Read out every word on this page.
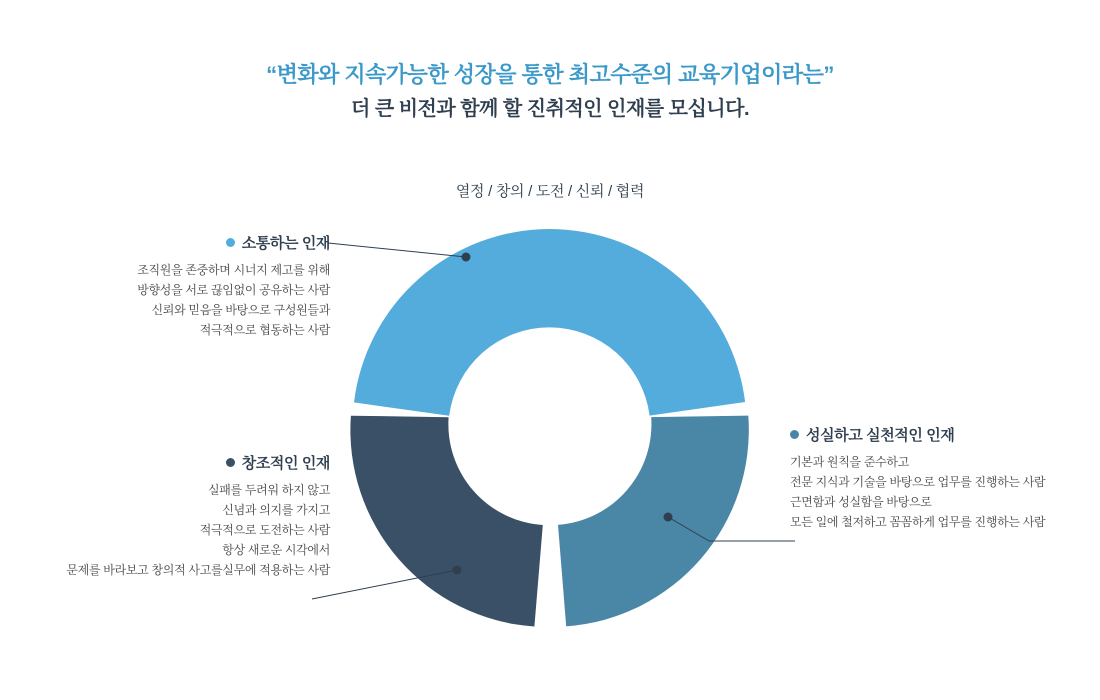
“변화와 지속가능한 성장을 통한 최고수준의 교육기업이라는”
더 큰 비전과 함께 할 진취적인 인재를 모십니다.
열정 / 창의 / 도전 / 신뢰 / 협력
소통하는 인재
조직원을 존중하며 시너지 제고를 위해
방향성을 서로 끊임없이 공유하는 사람
신뢰와 믿음을 바탕으로 구성원들과
적극적으로 협동하는 사람
창조적인 인재
실패를 두려워 하지 않고
신념과 의지를 가지고
적극적으로 도전하는 사람
항상 새로운 시각에서
문제를 바라보고 창의적 사고를실무에 적용하는 사람
성실하고 실천적인 인재
기본과 원칙을 준수하고
전문 지식과 기술을 바탕으로 업무를 진행하는 사람
근면함과 성실함을 바탕으로
모든 일에 철저하고 꼼꼼하게 업무를 진행하는 사람
